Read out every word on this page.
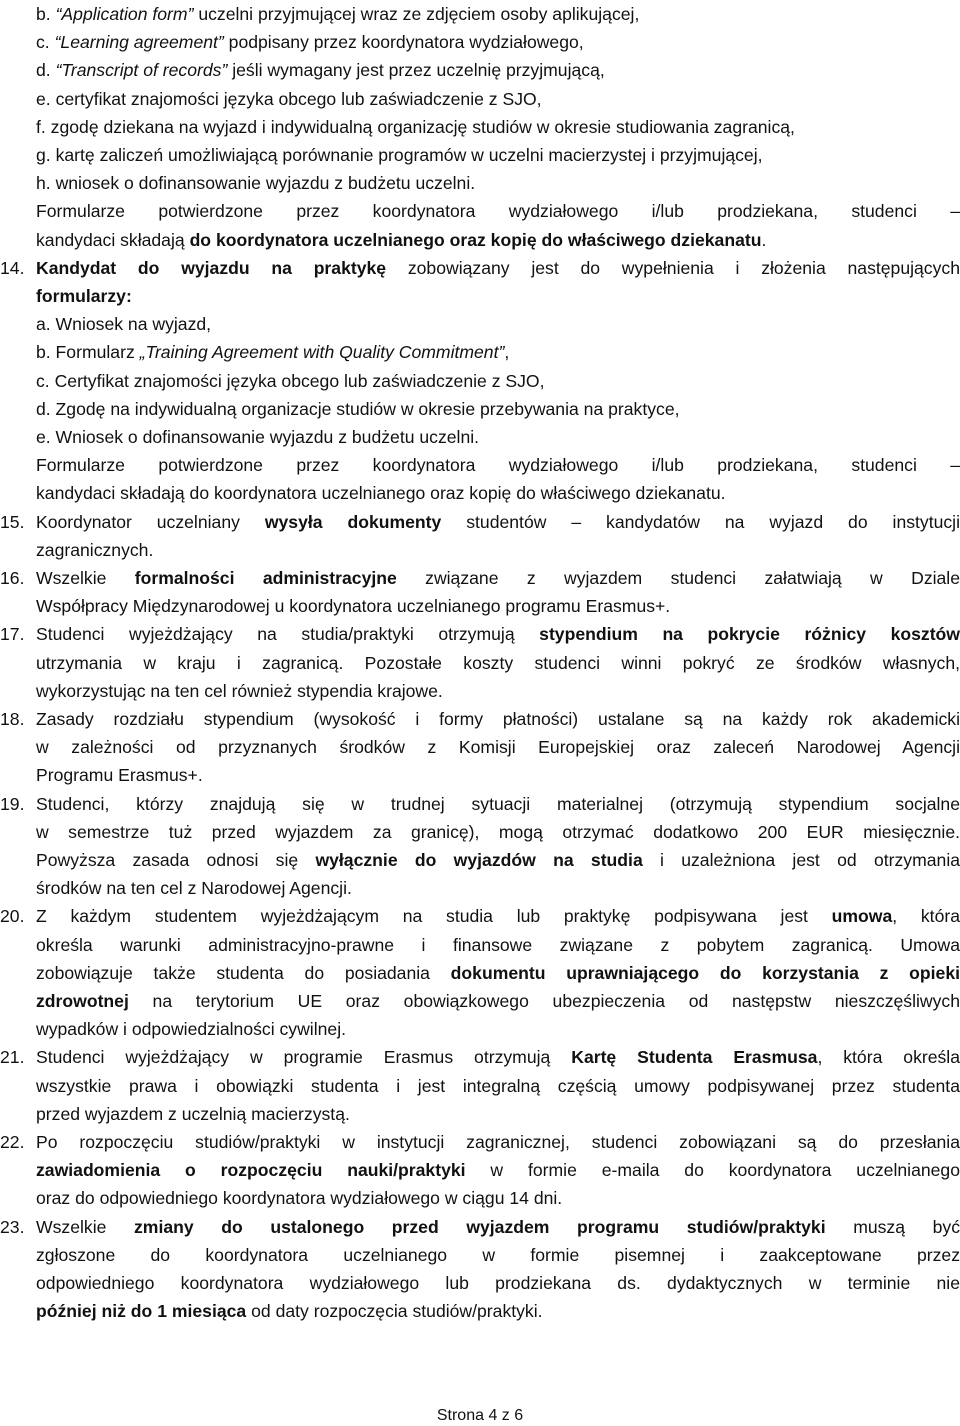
b. “Application form” uczelni przyjmującej wraz ze zdjęciem osoby aplikującej,
c. “Learning agreement” podpisany przez koordynatora wydziałowego,
d. “Transcript of records” jeśli wymagany jest przez uczelnię przyjmującą,
e. certyfikat znajomości języka obcego lub zaświadczenie z SJO,
f. zgodę dziekana na wyjazd i indywidualną organizację studiów w okresie studiowania zagranicą,
g. kartę zaliczeń umożliwiającą porównanie programów w uczelni macierzystej i przyjmującej,
h. wniosek o dofinansowanie wyjazdu z budżetu uczelni.
Formularze potwierdzone przez koordynatora wydziałowego i/lub prodziekana, studenci –
kandydaci składają do koordynatora uczelnianego oraz kopię do właściwego dziekanatu.
14. Kandydat do wyjazdu na praktykę zobowiązany jest do wypełnienia i złożenia następujących
formularzy:
a. Wniosek na wyjazd,
b. Formularz „Training Agreement with Quality Commitment”,
c. Certyfikat znajomości języka obcego lub zaświadczenie z SJO,
d. Zgodę na indywidualną organizacje studiów w okresie przebywania na praktyce,
e. Wniosek o dofinansowanie wyjazdu z budżetu uczelni.
Formularze potwierdzone przez koordynatora wydziałowego i/lub prodziekana, studenci –
kandydaci składają do koordynatora uczelnianego oraz kopię do właściwego dziekanatu.
15. Koordynator uczelniany wysyła dokumenty studentów – kandydatów na wyjazd do instytucji
zagranicznych.
16. Wszelkie formalności administracyjne związane z wyjazdem studenci załatwiają w Dziale
Współpracy Międzynarodowej u koordynatora uczelnianego programu Erasmus+.
17. Studenci wyjeżdżający na studia/praktyki otrzymują stypendium na pokrycie różnicy kosztów
utrzymania w kraju i zagranicą. Pozostałe koszty studenci winni pokryć ze środków własnych,
wykorzystując na ten cel również stypendia krajowe.
18. Zasady rozdziału stypendium (wysokość i formy płatności) ustalane są na każdy rok akademicki
w zależności od przyznanych środków z Komisji Europejskiej oraz zaleceń Narodowej Agencji
Programu Erasmus+.
19. Studenci, którzy znajdują się w trudnej sytuacji materialnej (otrzymują stypendium socjalne
w semestrze tuż przed wyjazdem za granicę), mogą otrzymać dodatkowo 200 EUR miesięcznie.
Powyższa zasada odnosi się wyłącznie do wyjazdów na studia i uzależniona jest od otrzymania
środków na ten cel z Narodowej Agencji.
20. Z każdym studentem wyjeżdżającym na studia lub praktykę podpisywana jest umowa, która
określa warunki administracyjno-prawne i finansowe związane z pobytem zagranicą. Umowa
zobowiązuje także studenta do posiadania dokumentu uprawniającego do korzystania z opieki
zdrowotnej na terytorium UE oraz obowiązkowego ubezpieczenia od następstw nieszczęśliwych
wypadków i odpowiedzialności cywilnej.
21. Studenci wyjeżdżający w programie Erasmus otrzymują Kartę Studenta Erasmusa, która określa
wszystkie prawa i obowiązki studenta i jest integralną częścią umowy podpisywanej przez studenta
przed wyjazdem z uczelnią macierzystą.
22. Po rozpoczęciu studiów/praktyki w instytucji zagranicznej, studenci zobowiązani są do przesłania
zawiadomienia o rozpoczęciu nauki/praktyki w formie e-maila do koordynatora uczelnianego
oraz do odpowiedniego koordynatora wydziałowego w ciągu 14 dni.
23. Wszelkie zmiany do ustalonego przed wyjazdem programu studiów/praktyki muszą być
zgłoszone do koordynatora uczelnianego w formie pisemnej i zaakceptowane przez
odpowiedniego koordynatora wydziałowego lub prodziekana ds. dydaktycznych w terminie nie
później niż do 1 miesiąca od daty rozpoczęcia studiów/praktyki.
Strona 4 z 6
